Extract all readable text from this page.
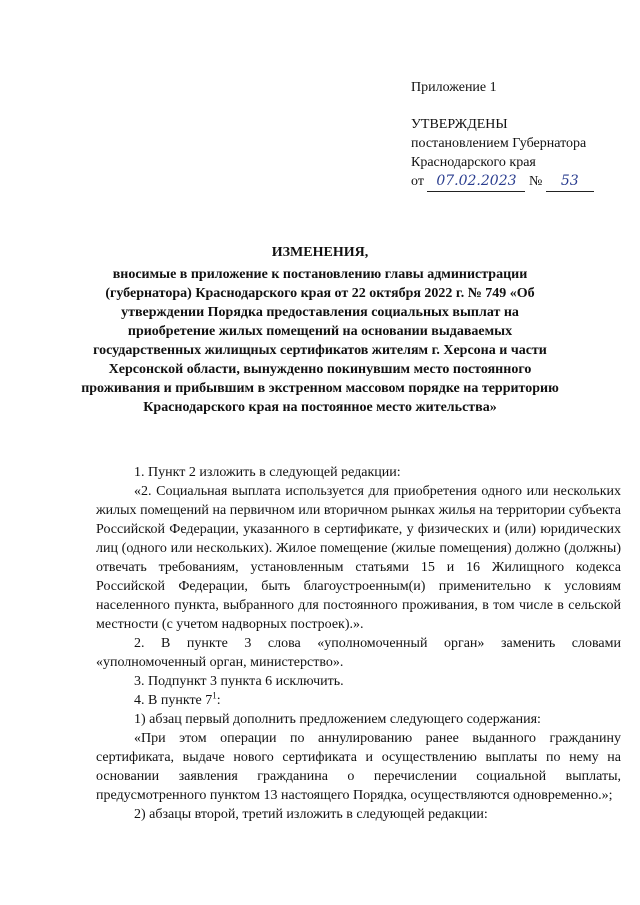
Приложение 1
УТВЕРЖДЕНЫ
постановлением Губернатора
Краснодарского края
от 07.02.2023 № 53
ИЗМЕНЕНИЯ,
вносимые в приложение к постановлению главы администрации (губернатора) Краснодарского края от 22 октября 2022 г. № 749 «Об утверждении Порядка предоставления социальных выплат на приобретение жилых помещений на основании выдаваемых государственных жилищных сертификатов жителям г. Херсона и части Херсонской области, вынужденно покинувшим место постоянного проживания и прибывшим в экстренном массовом порядке на территорию Краснодарского края на постоянное место жительства»

1. Пункт 2 изложить в следующей редакции:

«2. Социальная выплата используется для приобретения одного или нескольких жилых помещений на первичном или вторичном рынках жилья на территории субъекта Российской Федерации, указанного в сертификате, у физических и (или) юридических лиц (одного или нескольких). Жилое помещение (жилые помещения) должно (должны) отвечать требованиям, установленным статьями 15 и 16 Жилищного кодекса Российской Федерации, быть благоустроенным(и) применительно к условиям населенного пункта, выбранного для постоянного проживания, в том числе в сельской местности (с учетом надворных построек).».

2. В пункте 3 слова «уполномоченный орган» заменить словами «уполномоченный орган, министерство».

3. Подпункт 3 пункта 6 исключить.

4. В пункте $7^1$:

1) абзац первый дополнить предложением следующего содержания:

«При этом операции по аннулированию ранее выданного гражданину сертификата, выдаче нового сертификата и осуществлению выплаты по нему на основании заявления гражданина о перечислении социальной выплаты, предусмотренного пунктом 13 настоящего Порядка, осуществляются одновременно.»;

2) абзацы второй, третий изложить в следующей редакции:
